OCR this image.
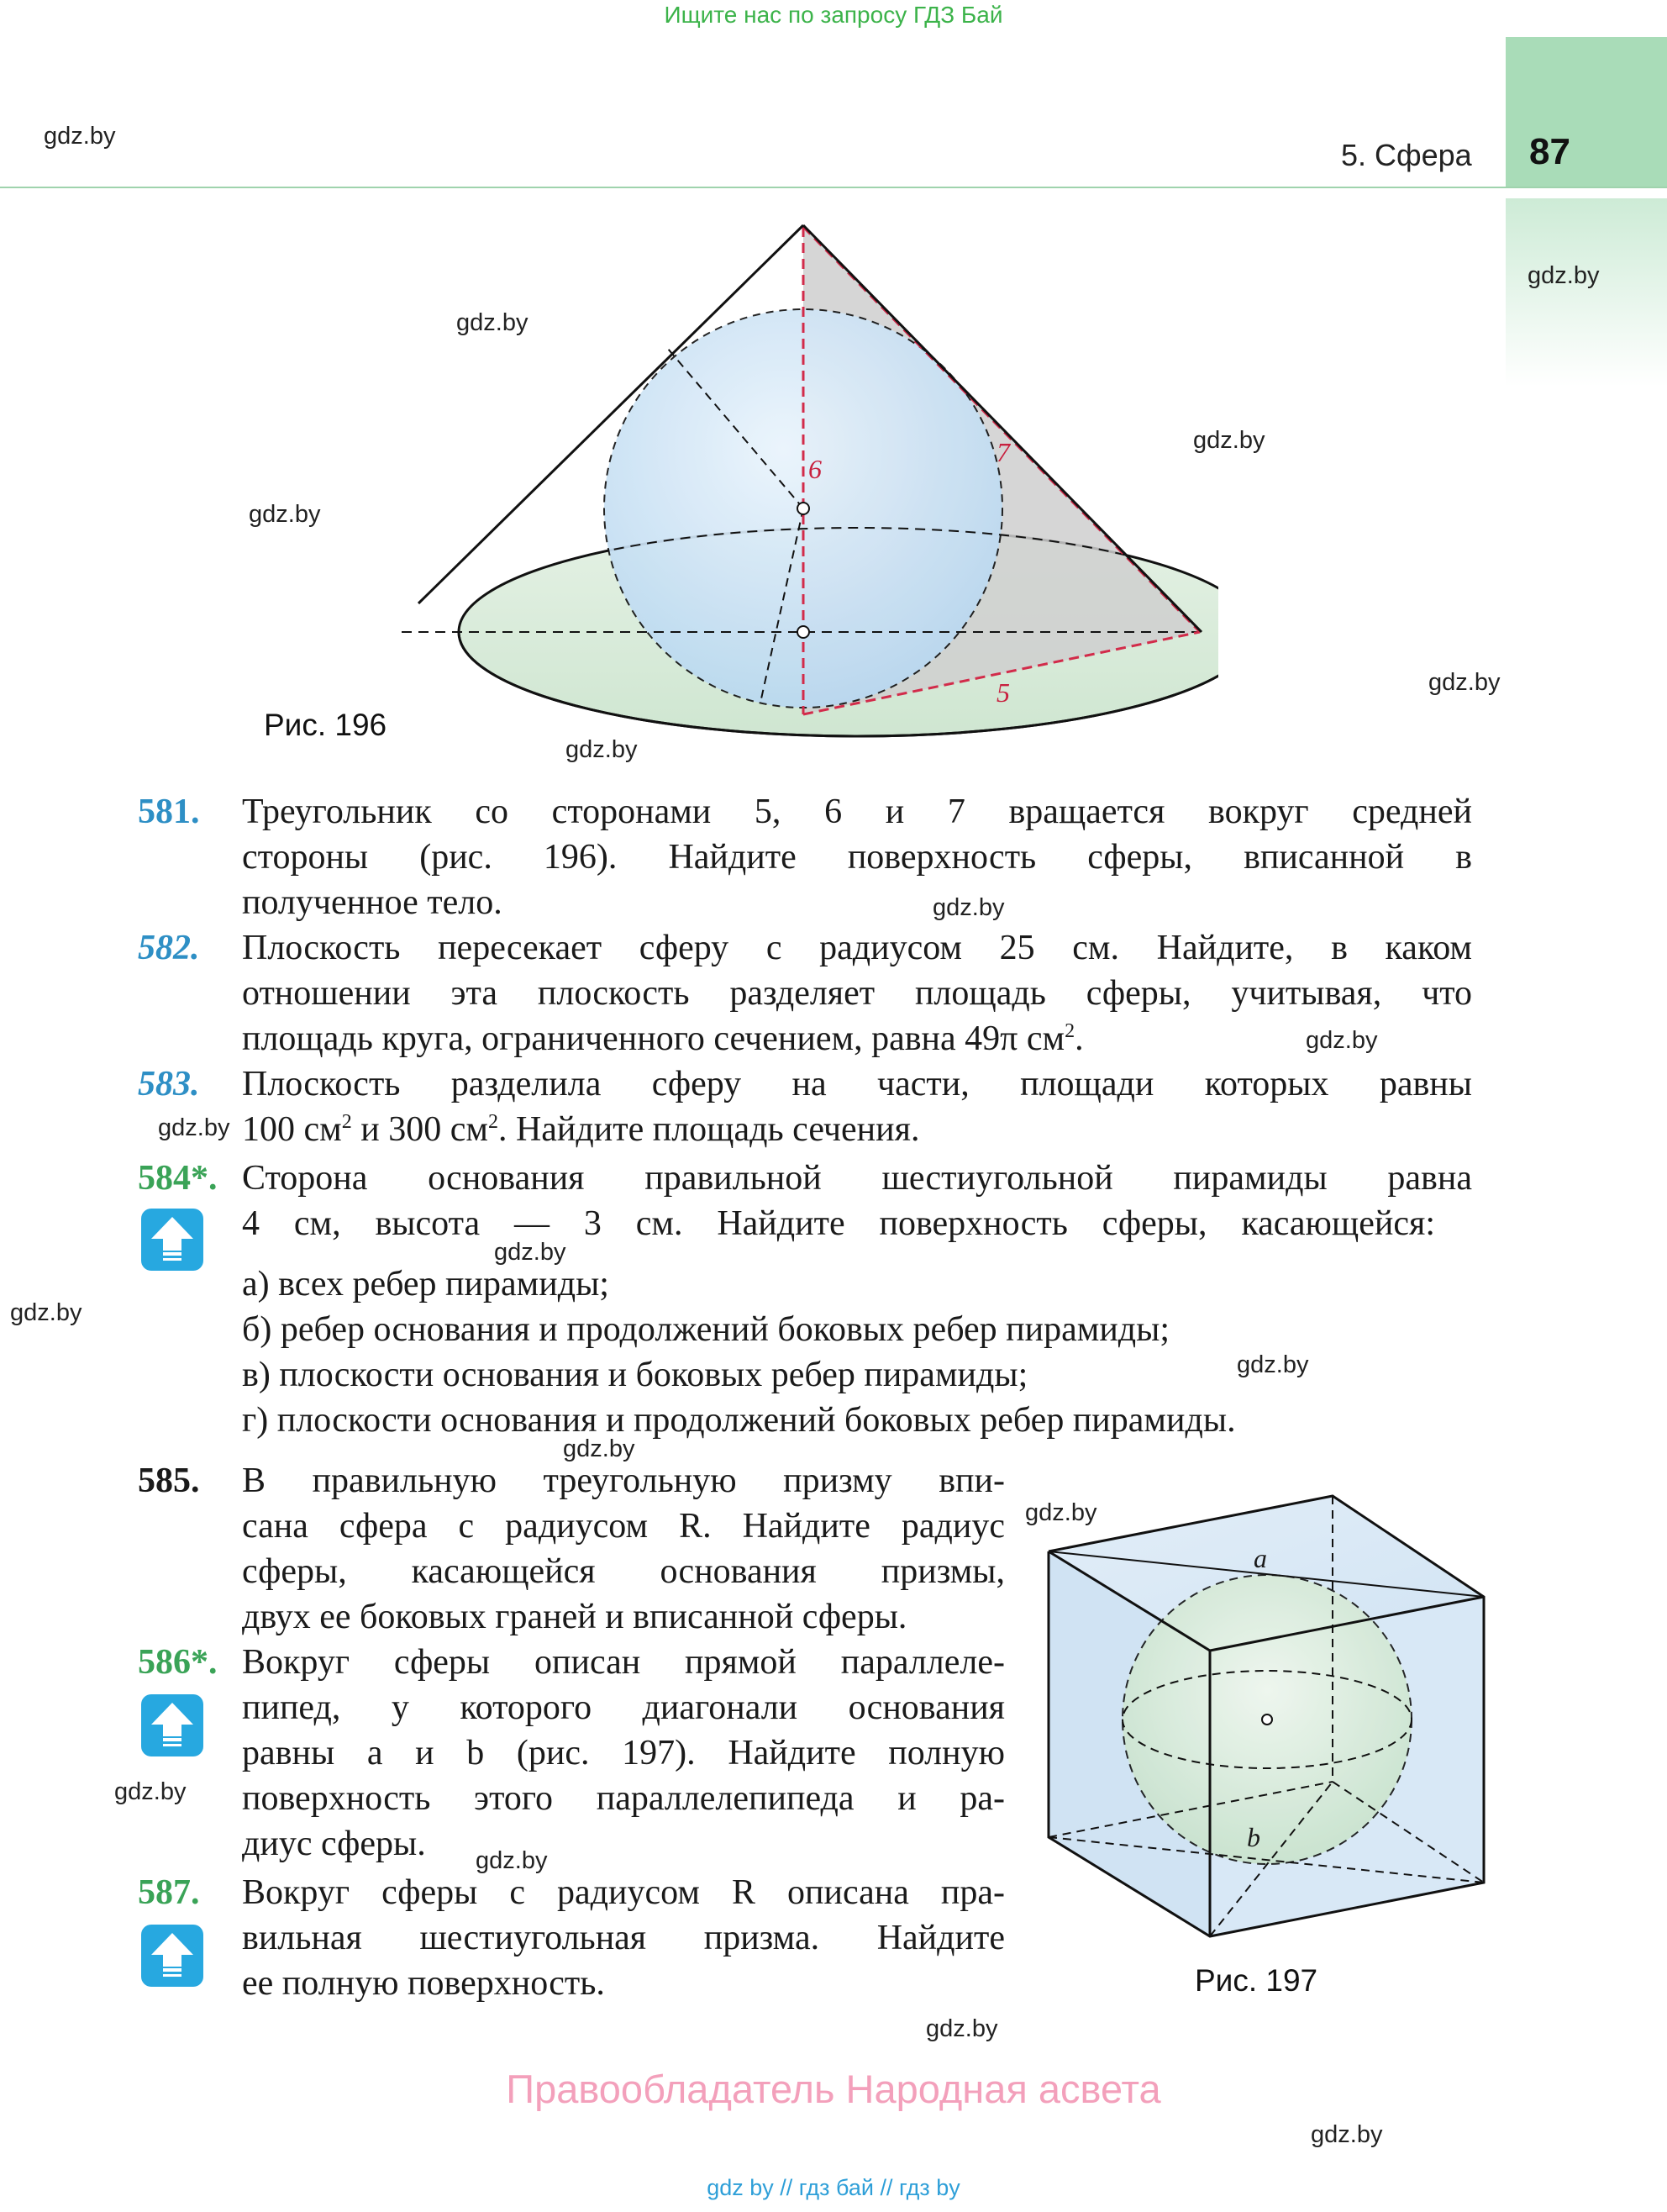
Ищите нас по запросу ГДЗ Бай
5. Сфера 87
gdz.by
gdz.by
gdz.by
gdz.by
gdz.by
gdz.by
gdz.by
gdz.by
gdz.by
gdz.by
gdz.by
gdz.by
gdz.by
gdz.by
gdz.by
gdz.by
gdz.by
gdz.by
gdz.by
6
7
5
Рис. 196
581. Треугольник со сторонами 5, 6 и 7 вращается вокруг средней
стороны (рис. 196). Найдите поверхность сферы, вписанной в
полученное тело.
582. Плоскость пересекает сферу с радиусом 25 см. Найдите, в каком
отношении эта плоскость разделяет площадь сферы, учитывая, что
площадь круга, ограниченного сечением, равна 49π $см^2$.
583. Плоскость разделила сферу на части, площади которых равны
100 $см^2$ и 300 $см^2$. Найдите площадь сечения.
584*. Сторона основания правильной шестиугольной пирамиды равна
4 см, высота — 3 см. Найдите поверхность сферы, касающейся:
а) всех ребер пирамиды;
б) ребер основания и продолжений боковых ребер пирамиды;
в) плоскости основания и боковых ребер пирамиды;
г) плоскости основания и продолжений боковых ребер пирамиды.
585. В правильную треугольную призму впи-
сана сфера с радиусом R. Найдите радиус
сферы, касающейся основания призмы,
двух ее боковых граней и вписанной сферы.
586*. Вокруг сферы описан прямой параллеле-
пипед, у которого диагонали основания
равны a и b (рис. 197). Найдите полную
поверхность этого параллелепипеда и ра-
диус сферы.
587. Вокруг сферы с радиусом R описана пра-
вильная шестиугольная призма. Найдите
ее полную поверхность.
a
b
Рис. 197
Правообладатель Народная асвета
gdz by // гдз бай // гдз by
